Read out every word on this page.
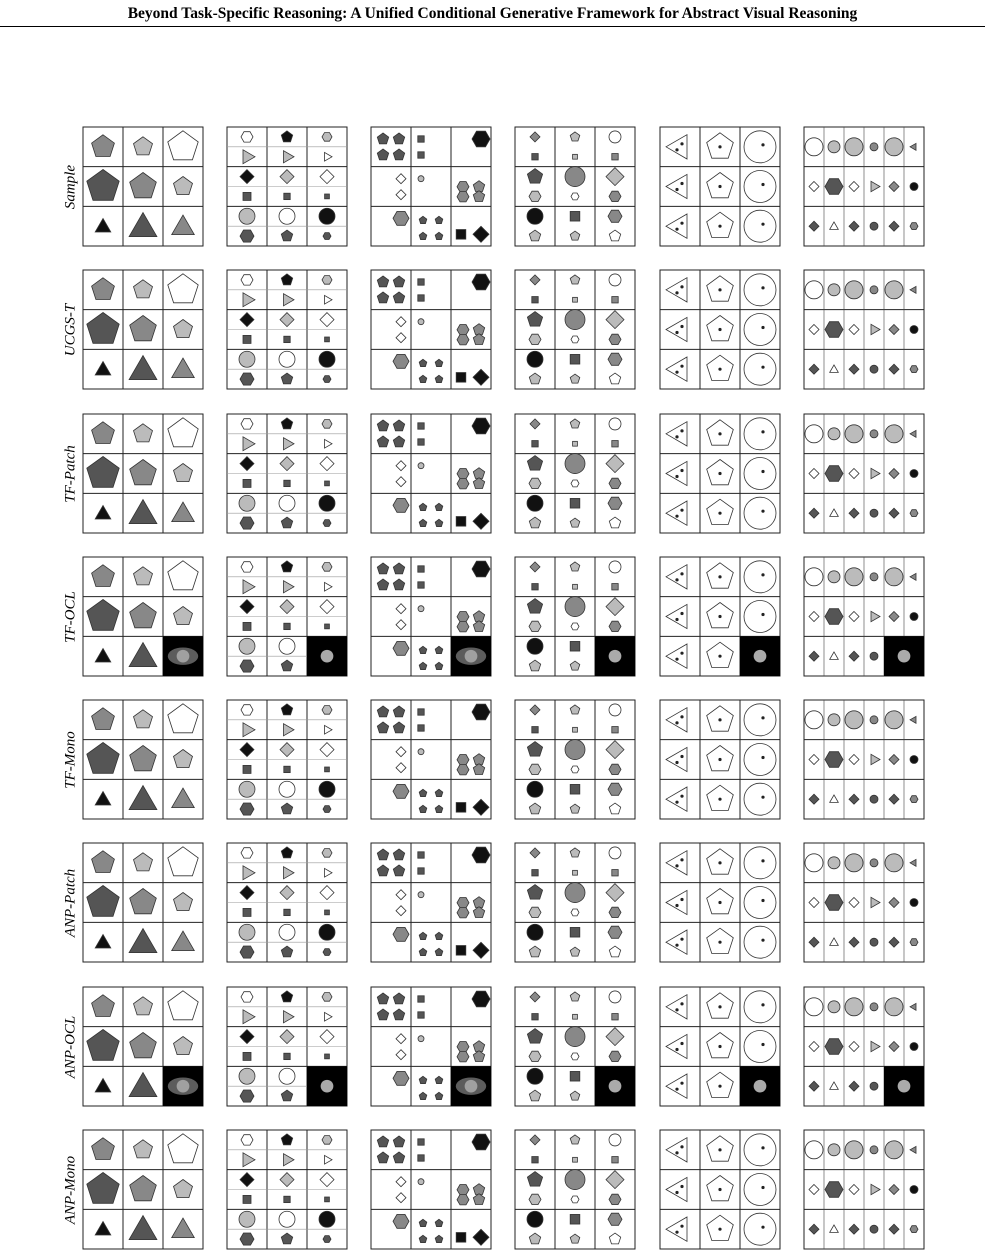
Beyond Task-Specific Reasoning: A Unified Conditional Generative Framework for Abstract Visual Reasoning
Sample
UCGS-T
TF-Patch
TF-OCL
TF-Mono
ANP-Patch
ANP-OCL
ANP-Mono
